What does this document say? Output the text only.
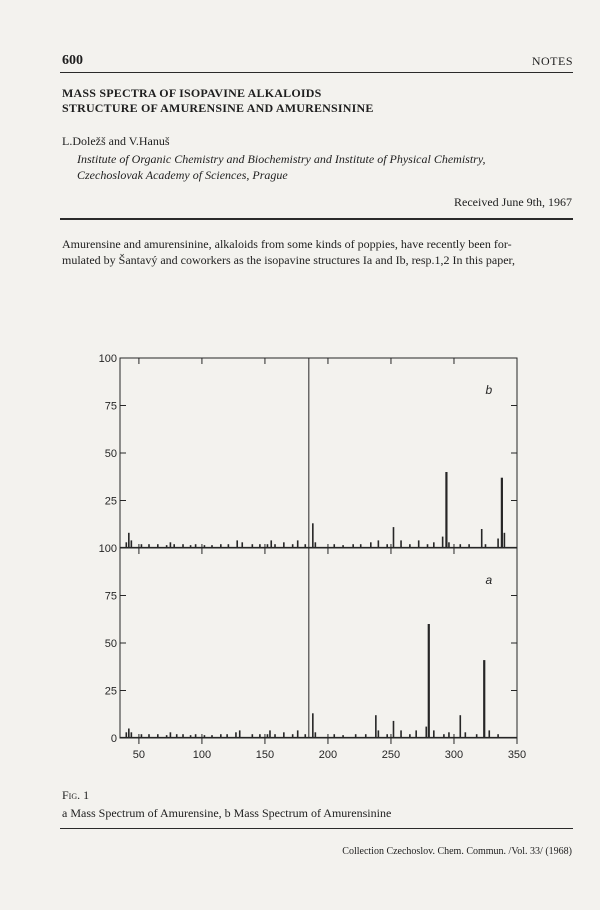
600	NOTES
MASS SPECTRA OF ISOPAVINE ALKALOIDS
STRUCTURE OF AMURENSINE AND AMURENSININE
L.Doležš and V.Hanuš
Institute of Organic Chemistry and Biochemistry and Institute of Physical Chemistry,
Czechoslovak Academy of Sciences, Prague
Received June 9th, 1967
Amurensine and amurensinine, alkaloids from some kinds of poppies, have recently been for-
mulated by Šantavý and coworkers as the isopavine structures Ia and Ib, resp.1,2 In this paper,
100
25
50
75
100
b
0
25
50
75
50	100	150	200	250	300	350
a
Fig. 1
a Mass Spectrum of Amurensine, b Mass Spectrum of Amurensinine
Collection Czechoslov. Chem. Commun. /Vol. 33/ (1968)
